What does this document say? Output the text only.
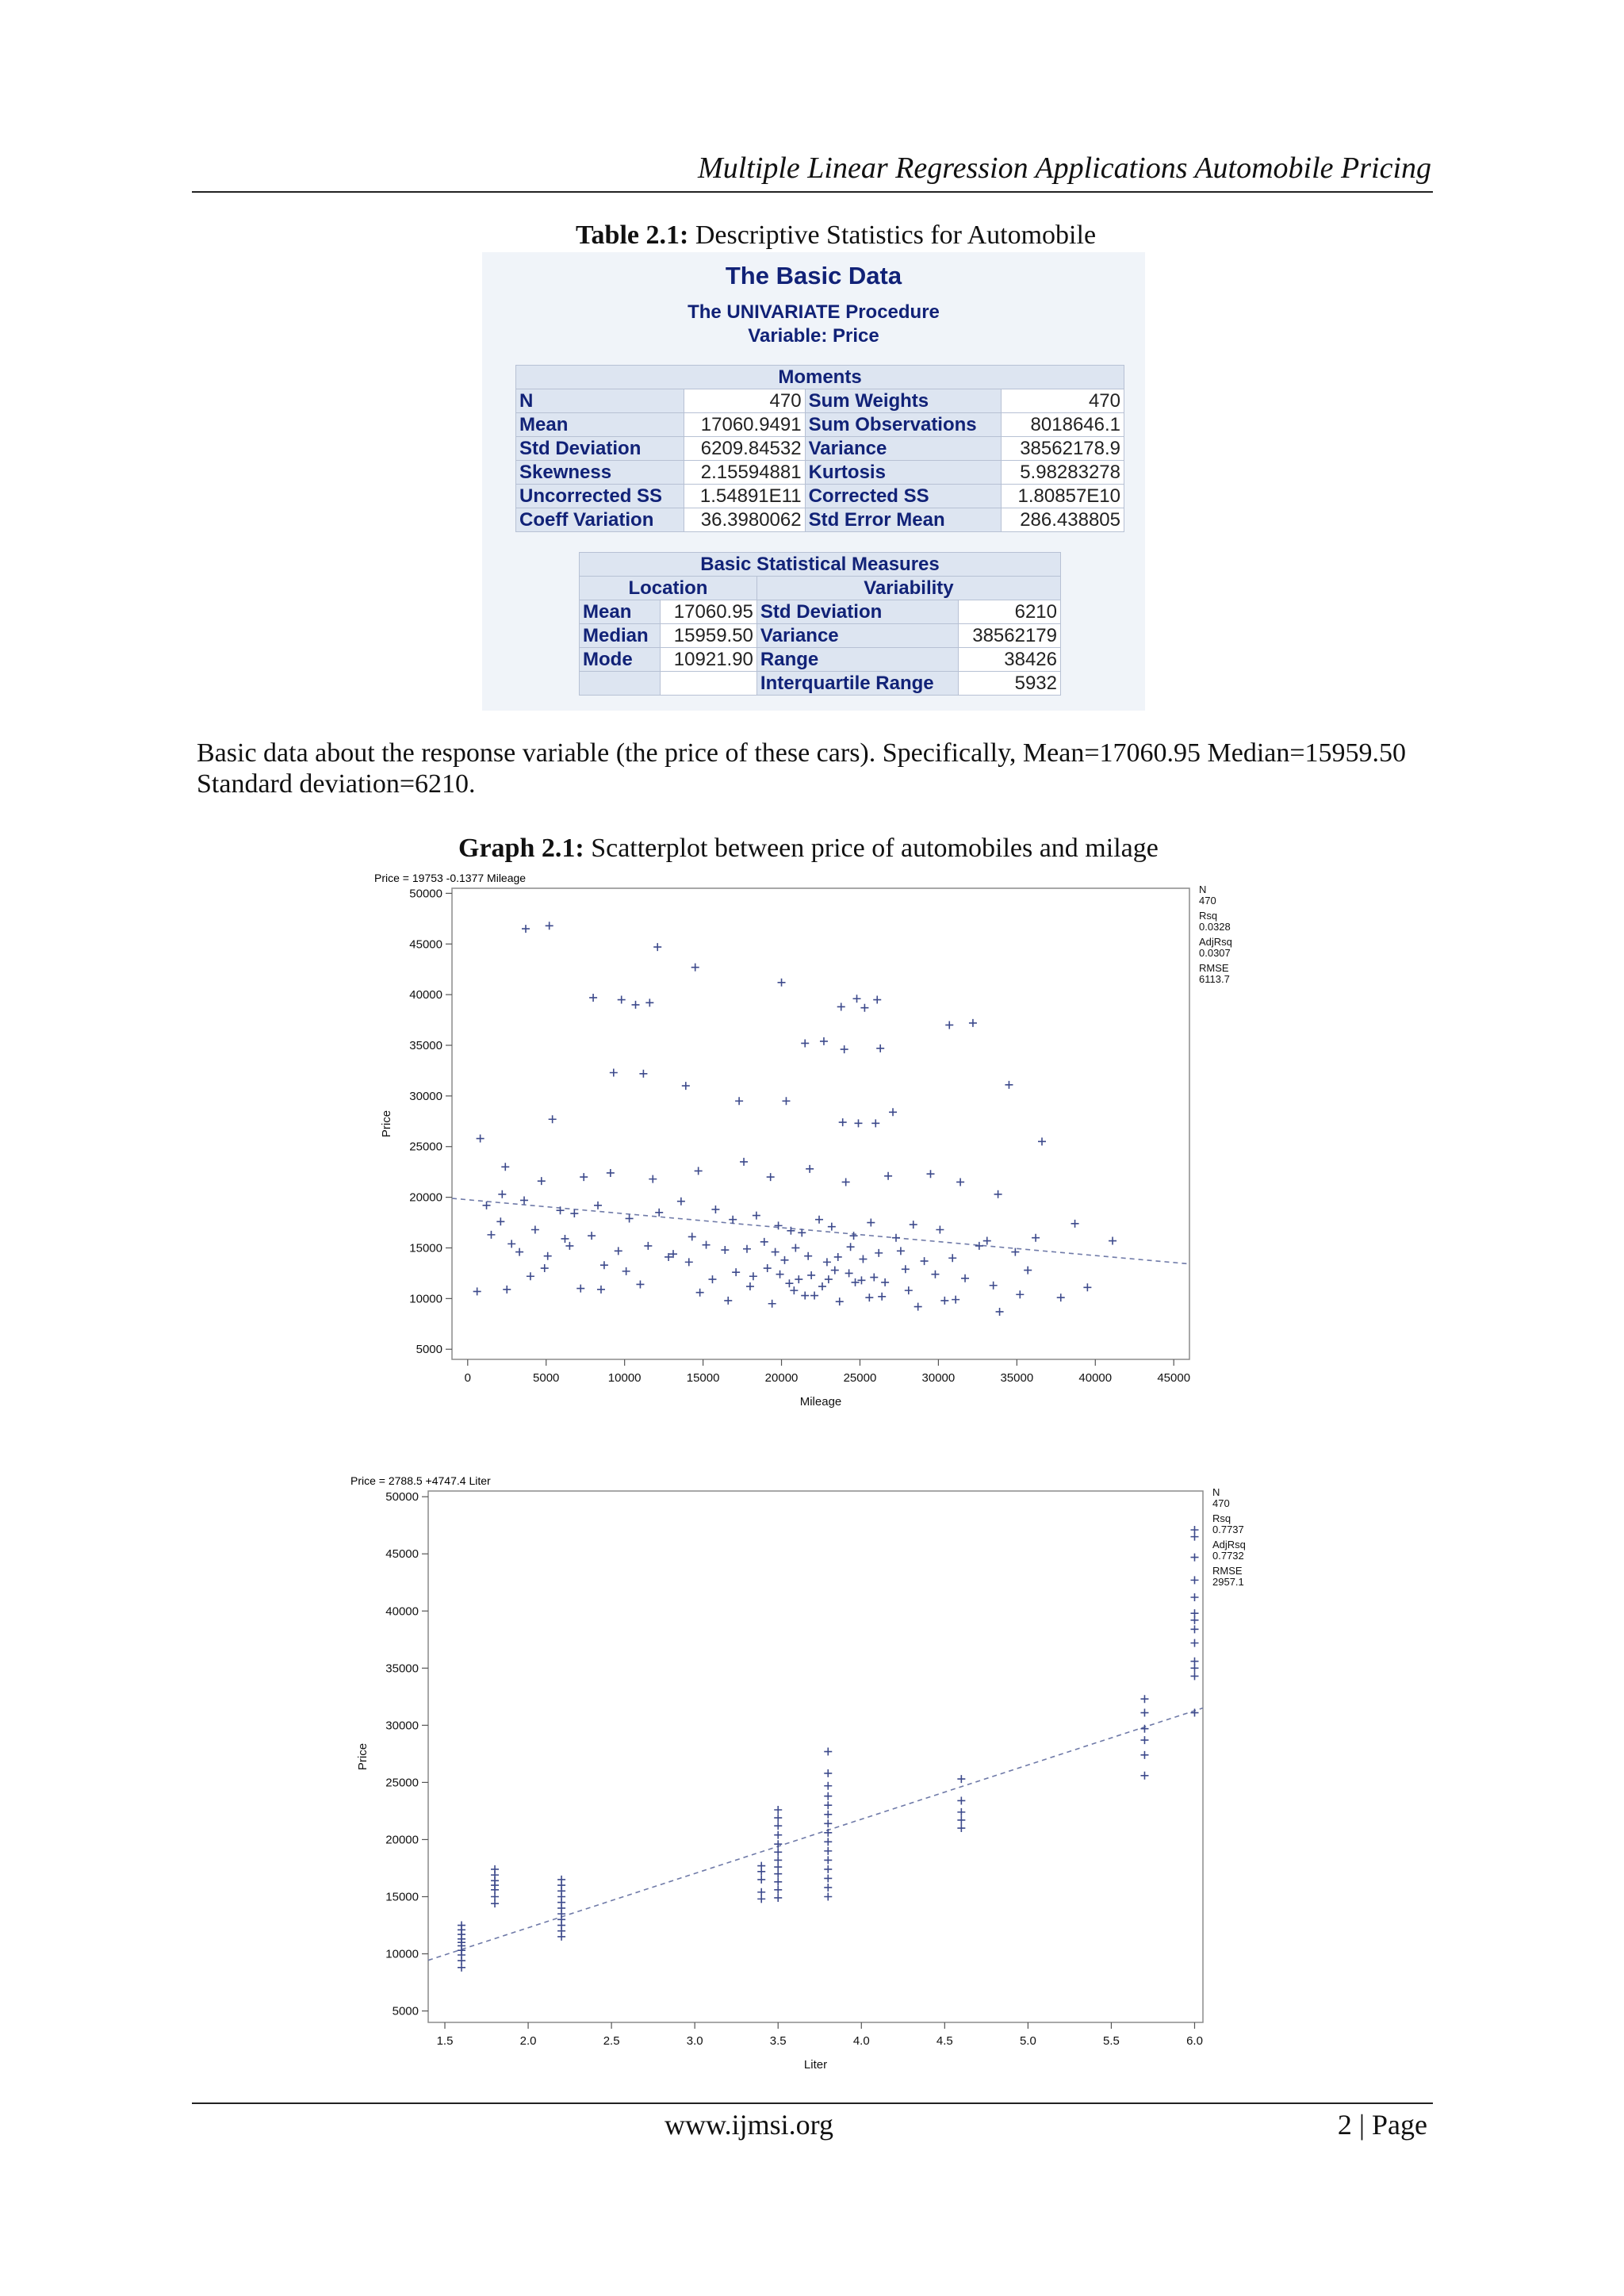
Multiple Linear Regression Applications Automobile Pricing
Table 2.1: Descriptive Statistics for Automobile
The Basic Data
The UNIVARIATE Procedure
Variable: Price
Moments			
N	470	Sum Weights	470
Mean	17060.9491	Sum Observations	8018646.1
Std Deviation	6209.84532	Variance	38562178.9
Skewness	2.15594881	Kurtosis	5.98283278
Uncorrected SS	1.54891E11	Corrected SS	1.80857E10
Coeff Variation	36.3980062	Std Error Mean	286.438805
Basic Statistical Measures			
Location		Variability	
Mean	17060.95	Std Deviation	6210
Median	15959.50	Variance	38562179
Mode	10921.90	Range	38426
		Interquartile Range	5932
Basic data about the response variable (the price of these cars). Specifically, Mean=17060.95 Median=15959.50 Standard deviation=6210.
Graph 2.1: Scatterplot between price of automobiles and milage
Price = 19753 -0.1377 Mileage
5000
10000
15000
20000
25000
30000
35000
40000
45000
50000
0	5000	10000	15000	20000	25000	30000	35000	40000	45000
Mileage
Price
N
470
Rsq
0.0328
AdjRsq
0.0307
RMSE
6113.7
Price = 2788.5 +4747.4 Liter
5000
10000
15000
20000
25000
30000
35000
40000
45000
50000
1.5	2.0	2.5	3.0	3.5	4.0	4.5	5.0	5.5	6.0
Liter
Price
N
470
Rsq
0.7737
AdjRsq
0.7732
RMSE
2957.1
www.ijmsi.org	2 | Page
